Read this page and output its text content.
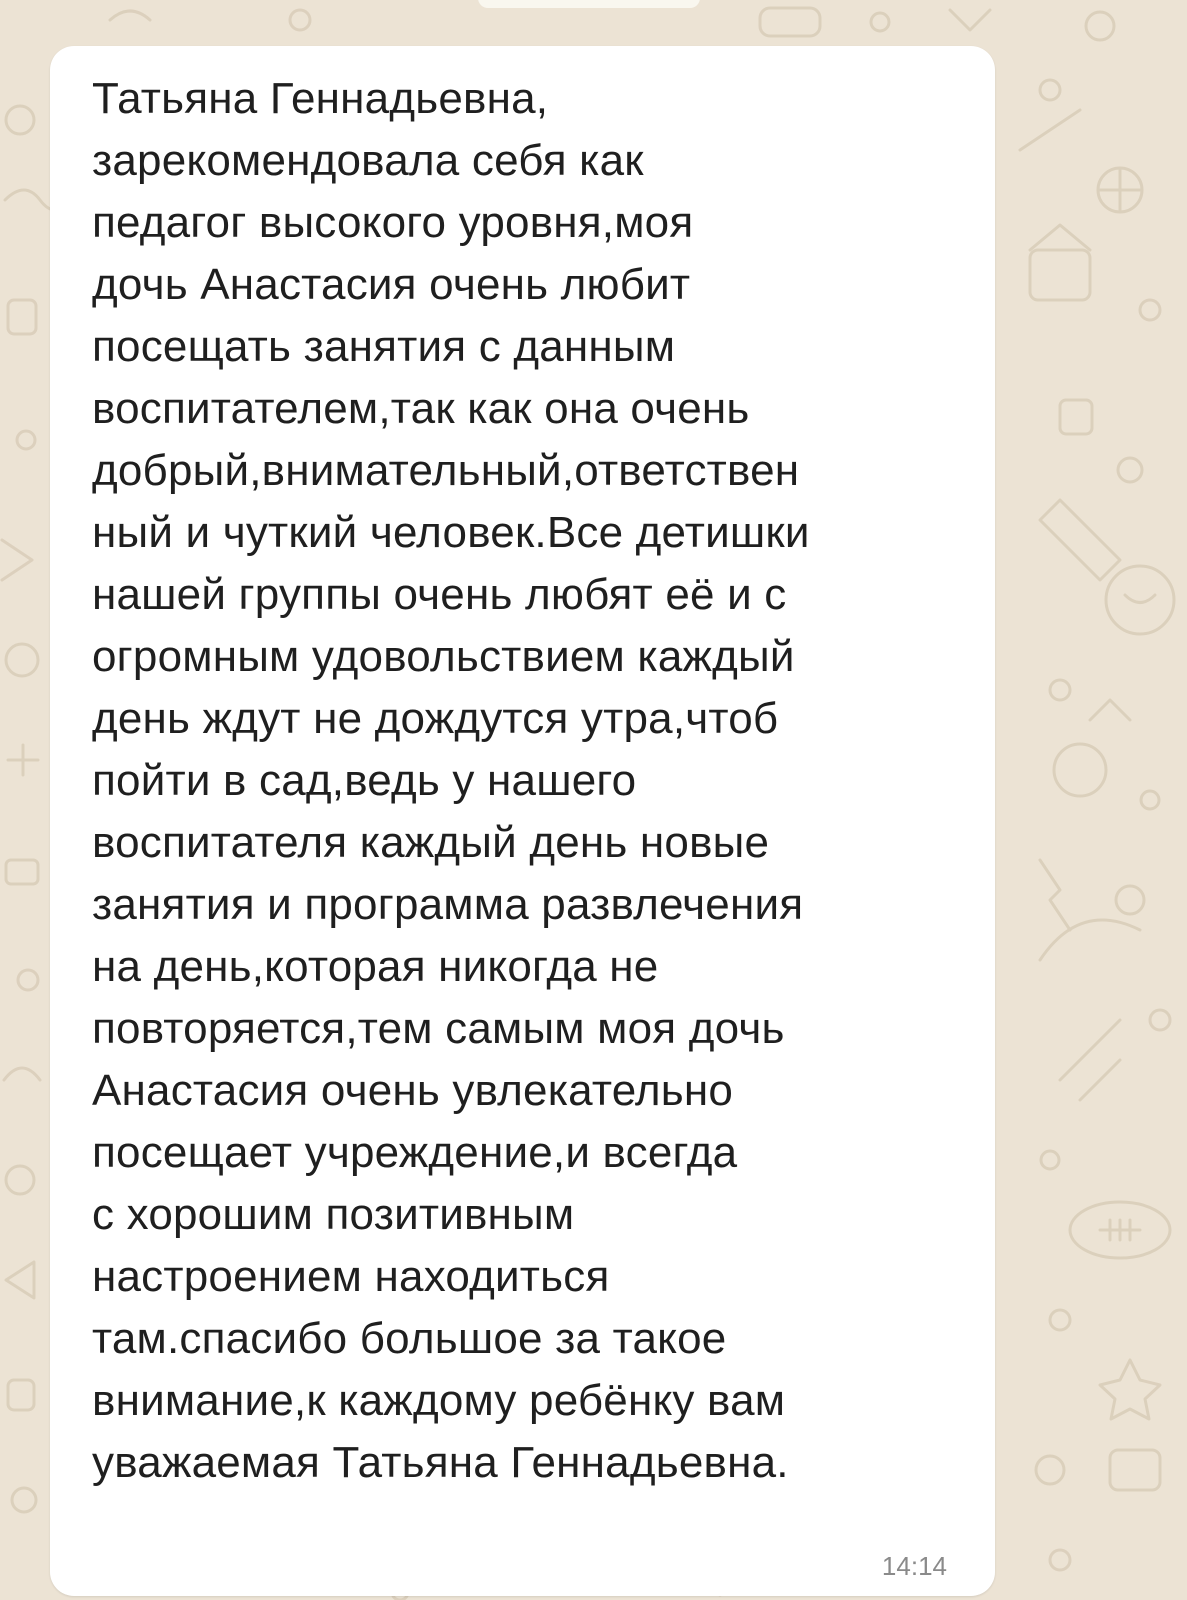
Татьяна Геннадьевна,
зарекомендовала себя как
педагог высокого уровня,моя
дочь Анастасия очень любит
посещать занятия с данным
воспитателем,так как она очень
добрый,внимательный,ответствен
ный и чуткий человек.Все детишки
нашей группы очень любят её и с
огромным удовольствием каждый
день ждут не дождутся утра,чтоб
пойти в сад,ведь у нашего
воспитателя каждый день новые
занятия и программа развлечения
на день,которая никогда не
повторяется,тем самым моя дочь
Анастасия очень увлекательно
посещает учреждение,и всегда
с хорошим позитивным
настроением находиться
там.спасибо большое за такое
внимание,к каждому ребёнку вам
уважаемая Татьяна Геннадьевна.
14:14
